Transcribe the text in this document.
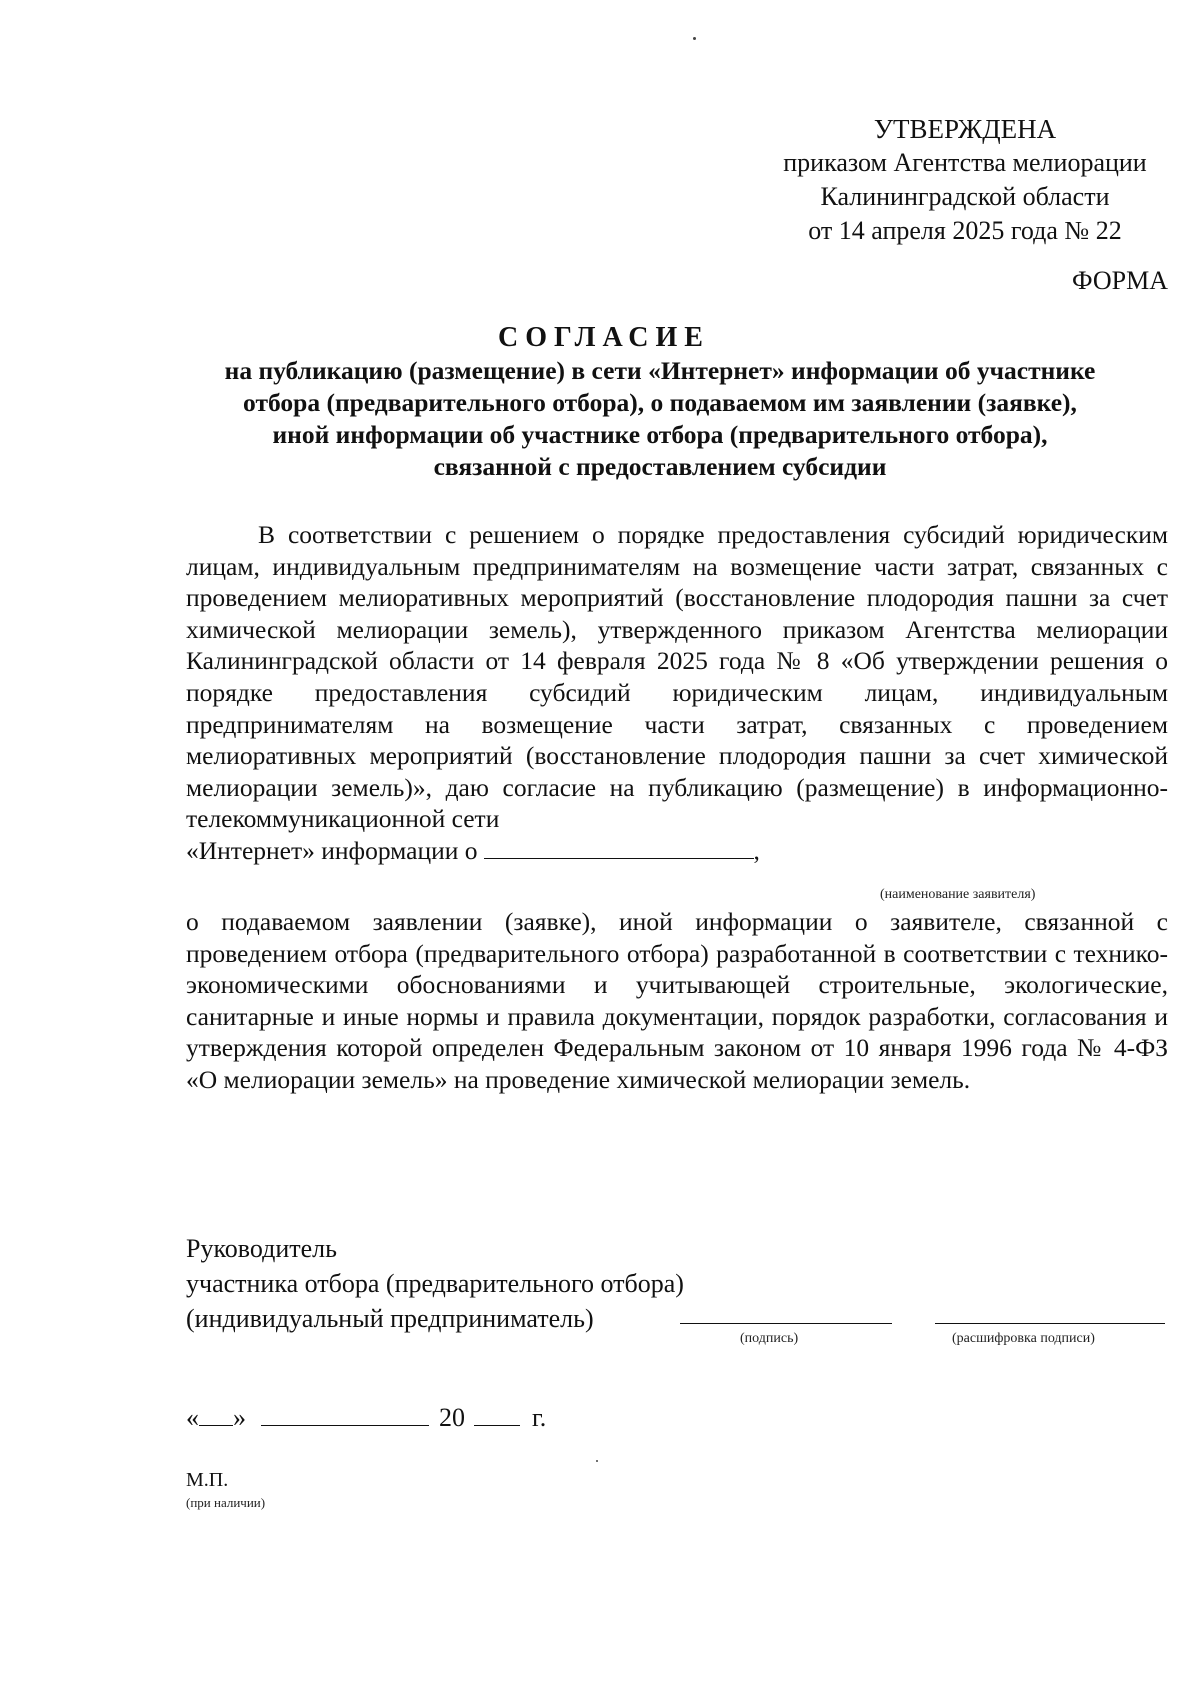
УТВЕРЖДЕНА
приказом Агентства мелиорации
Калининградской области
от 14 апреля 2025 года № 22
ФОРМА
СОГЛАСИЕ
на публикацию (размещение) в сети «Интернет» информации об участнике
отбора (предварительного отбора), о подаваемом им заявлении (заявке),
иной информации об участнике отбора (предварительного отбора),
связанной с предоставлением субсидии
В соответствии с решением о порядке предоставления субсидий юридическим лицам, индивидуальным предпринимателям на возмещение части затрат, связанных с проведением мелиоративных мероприятий (восстановление плодородия пашни за счет химической мелиорации земель), утвержденного приказом Агентства мелиорации Калининградской области от 14 февраля 2025 года № 8 «Об утверждении решения о порядке предоставления субсидий юридическим лицам, индивидуальным предпринимателям на возмещение части затрат, связанных с проведением мелиоративных мероприятий (восстановление плодородия пашни за счет химической мелиорации земель)», даю согласие на публикацию (размещение) в информационно-телекоммуникационной сети
«Интернет» информации о	,
(наименование заявителя)
о подаваемом заявлении (заявке), иной информации о заявителе, связанной с проведением отбора (предварительного отбора) разработанной в соответствии с технико-экономическими обоснованиями и учитывающей строительные, экологические, санитарные и иные нормы и правила документации, порядок разработки, согласования и утверждения которой определен Федеральным законом от 10 января 1996 года № 4-ФЗ «О мелиорации земель» на проведение химической мелиорации земель.
Руководитель
участника отбора (предварительного отбора)
(индивидуальный предприниматель)
(подпись)	(расшифровка подписи)
« »	20	г.
М.П.
(при наличии)
